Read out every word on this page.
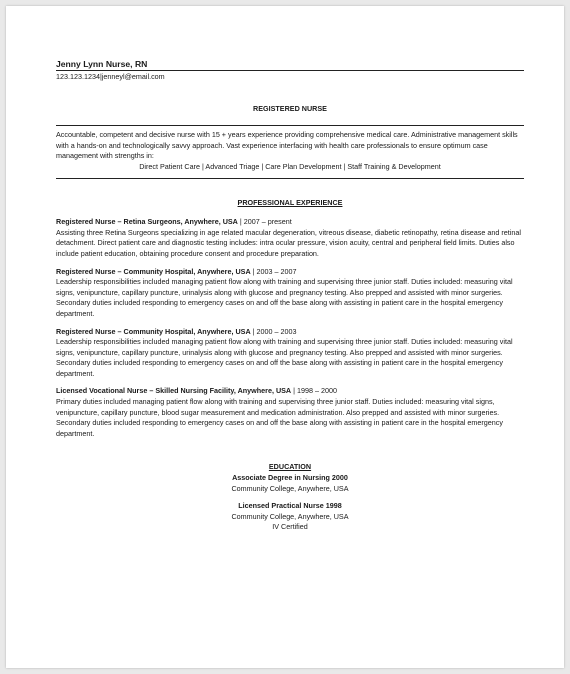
Jenny Lynn Nurse, RN

123.123.1234|jenneyl@email.com
REGISTERED NURSE
Accountable, competent and decisive nurse with 15 + years experience providing comprehensive medical care. Administrative management skills with a hands-on and technologically savvy approach. Vast experience interfacing with health care professionals to ensure optimum case management with strengths in:
Direct Patient Care | Advanced Triage | Care Plan Development | Staff Training & Development
PROFESSIONAL EXPERIENCE
Registered Nurse – Retina Surgeons, Anywhere, USA | 2007 – present
Assisting three Retina Surgeons specializing in age related macular degeneration, vitreous disease, diabetic retinopathy, retina disease and retinal detachment. Direct patient care and diagnostic testing includes: intra ocular pressure, vision acuity, central and peripheral field limits. Duties also include patient education, obtaining procedure consent and procedure preparation.
Registered Nurse – Community Hospital, Anywhere, USA | 2003 – 2007
Leadership responsibilities included managing patient flow along with training and supervising three junior staff. Duties included: measuring vital signs, venipuncture, capillary puncture, urinalysis along with glucose and pregnancy testing. Also prepped and assisted with minor surgeries. Secondary duties included responding to emergency cases on and off the base along with assisting in patient care in the hospital emergency department.
Registered Nurse – Community Hospital, Anywhere, USA | 2000 – 2003
Leadership responsibilities included managing patient flow along with training and supervising three junior staff. Duties included: measuring vital signs, venipuncture, capillary puncture, urinalysis along with glucose and pregnancy testing. Also prepped and assisted with minor surgeries. Secondary duties included responding to emergency cases on and off the base along with assisting in patient care in the hospital emergency department.
Licensed Vocational Nurse – Skilled Nursing Facility, Anywhere, USA | 1998 – 2000
Primary duties included managing patient flow along with training and supervising three junior staff. Duties included: measuring vital signs, venipuncture, capillary puncture, blood sugar measurement and medication administration. Also prepped and assisted with minor surgeries. Secondary duties included responding to emergency cases on and off the base along with assisting in patient care in the hospital emergency department.
EDUCATION
Associate Degree in Nursing 2000
Community College, Anywhere, USA
Licensed Practical Nurse 1998
Community College, Anywhere, USA
IV Certified
